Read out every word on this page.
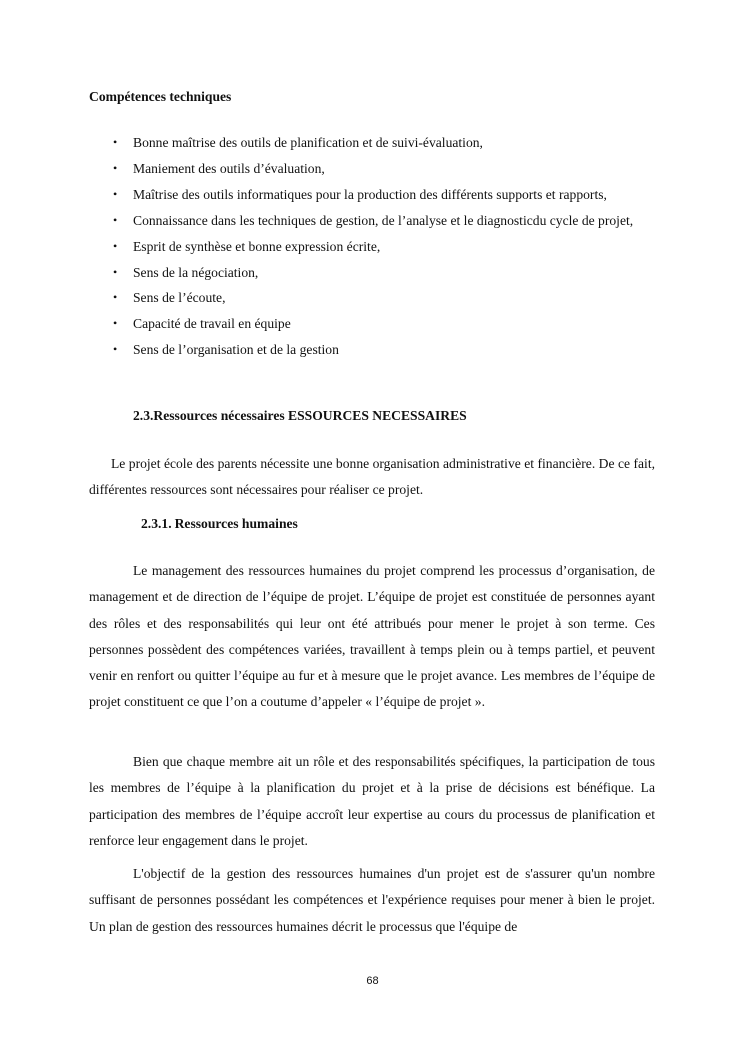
Compétences techniques
• Bonne maîtrise des outils de planification et de suivi-évaluation,
• Maniement des outils d’évaluation,
• Maîtrise des outils informatiques pour la production des différents supports et rapports,
• Connaissance dans les techniques de gestion, de l’analyse et le diagnosticdu cycle de projet,
• Esprit de synthèse et bonne expression écrite,
• Sens de la négociation,
• Sens de l’écoute,
• Capacité de travail en équipe
• Sens de l’organisation et de la gestion
2.3.Ressources nécessaires ESSOURCES NECESSAIRES

Le projet école des parents nécessite une bonne organisation administrative et financière. De ce fait, différentes ressources sont nécessaires pour réaliser ce projet.

2.3.1. Ressources humaines

Le management des ressources humaines du projet comprend les processus d’organisation, de management et de direction de l’équipe de projet. L’équipe de projet est constituée de personnes ayant des rôles et des responsabilités qui leur ont été attribués pour mener le projet à son terme. Ces personnes possèdent des compétences variées, travaillent à temps plein ou à temps partiel, et peuvent venir en renfort ou quitter l’équipe au fur et à mesure que le projet avance. Les membres de l’équipe de projet constituent ce que l’on a coutume d’appeler « l’équipe de projet ».

Bien que chaque membre ait un rôle et des responsabilités spécifiques, la participation de tous les membres de l’équipe à la planification du projet et à la prise de décisions est bénéfique. La participation des membres de l’équipe accroît leur expertise au cours du processus de planification et renforce leur engagement dans le projet.

L'objectif de la gestion des ressources humaines d'un projet est de s'assurer qu'un nombre suffisant de personnes possédant les compétences et l'expérience requises pour mener à bien le projet. Un plan de gestion des ressources humaines décrit le processus que l'équipe de

68
